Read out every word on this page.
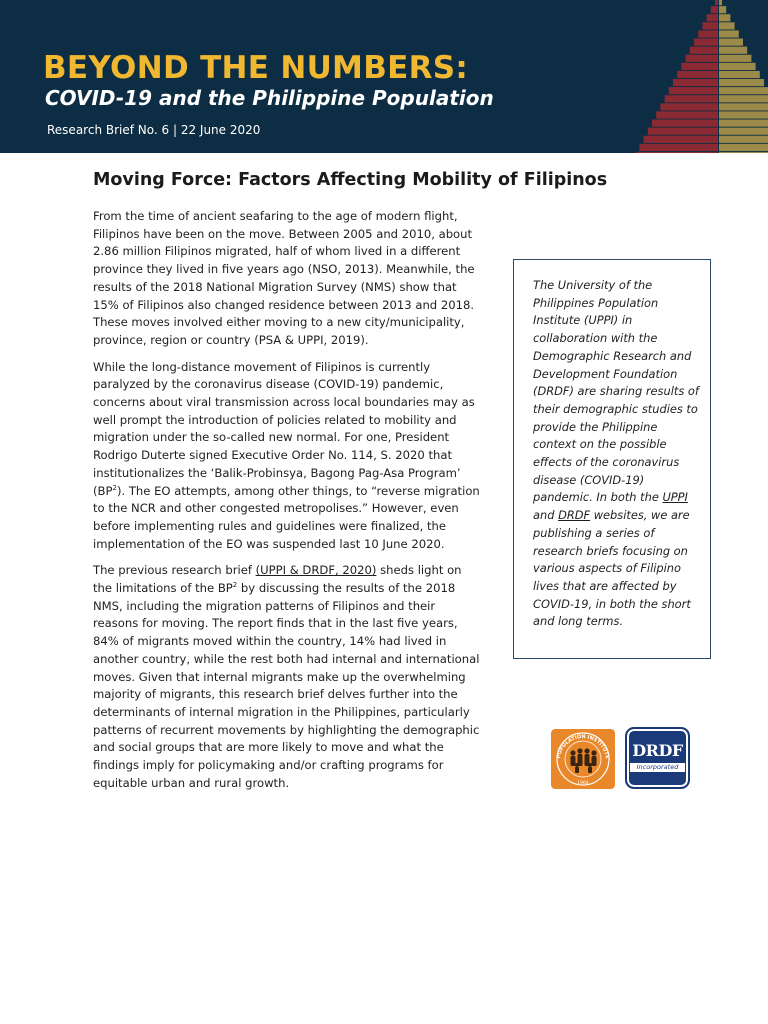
BEYOND THE NUMBERS:
COVID-19 and the Philippine Population
Research Brief No. 6 | 22 June 2020
Moving Force: Factors Affecting Mobility of Filipinos

From the time of ancient seafaring to the age of modern flight, Filipinos have been on the move. Between 2005 and 2010, about 2.86 million Filipinos migrated, half of whom lived in a different province they lived in five years ago (NSO, 2013). Meanwhile, the results of the 2018 National Migration Survey (NMS) show that 15% of Filipinos also changed residence between 2013 and 2018. These moves involved either moving to a new city/municipality, province, region or country (PSA & UPPI, 2019).

While the long-distance movement of Filipinos is currently paralyzed by the coronavirus disease (COVID-19) pandemic, concerns about viral transmission across local boundaries may as well prompt the introduction of policies related to mobility and migration under the so-called new normal. For one, President Rodrigo Duterte signed Executive Order No. 114, S. 2020 that institutionalizes the ‘Balik-Probinsya, Bagong Pag-Asa Program’ $(BP^2)$. The EO attempts, among other things, to “reverse migration to the NCR and other congested metropolises.” However, even before implementing rules and guidelines were finalized, the implementation of the EO was suspended last 10 June 2020.

The previous research brief (UPPI & DRDF, 2020) sheds light on the limitations of the $BP^2$ by discussing the results of the 2018 NMS, including the migration patterns of Filipinos and their reasons for moving. The report finds that in the last five years, 84% of migrants moved within the country, 14% had lived in another country, while the rest both had internal and international moves. Given that internal migrants make up the overwhelming majority of migrants, this research brief delves further into the determinants of internal migration in the Philippines, particularly patterns of recurrent movements by highlighting the demographic and social groups that are more likely to move and what the findings imply for policymaking and/or crafting programs for equitable urban and rural growth.

The University of the Philippines Population Institute (UPPI) in collaboration with the Demographic Research and Development Foundation (DRDF) are sharing results of their demographic studies to provide the Philippine context on the possible effects of the coronavirus disease (COVID-19) pandemic. In both the UPPI and DRDF websites, we are publishing a series of research briefs focusing on various aspects of Filipino lives that are affected by COVID-19, in both the short and long terms.
POPULATION INSTITUTE
1964
DRDF
Incorporated
